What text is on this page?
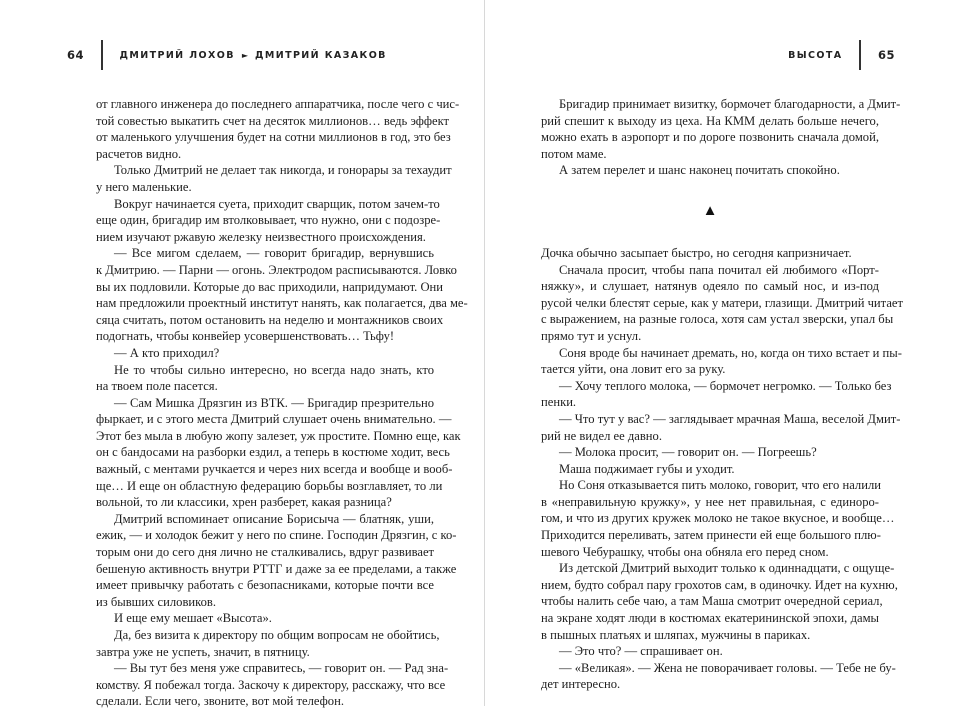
64	ДМИТРИЙ ЛОХОВ ► ДМИТРИЙ КАЗАКОВ	ВЫСОТА	65
от главного инженера до последнего аппаратчика, после чего с чис-
той совестью выкатить счет на десяток миллионов… ведь эффект
от маленького улучшения будет на сотни миллионов в год, это без
расчетов видно.
Только Дмитрий не делает так никогда, и гонорары за техаудит
у него маленькие.
Вокруг начинается суета, приходит сварщик, потом зачем-то
еще один, бригадир им втолковывает, что нужно, они с подозре-
нием изучают ржавую железку неизвестного происхождения.
— Все мигом сделаем, — говорит бригадир, вернувшись
к Дмитрию. — Парни — огонь. Электродом расписываются. Ловко
вы их подловили. Которые до вас приходили, напридумают. Они
нам предложили проектный институт нанять, как полагается, два ме-
сяца считать, потом остановить на неделю и монтажников своих
подогнать, чтобы конвейер усовершенствовать… Тьфу!
— А кто приходил?
Не то чтобы сильно интересно, но всегда надо знать, кто
на твоем поле пасется.
— Сам Мишка Дрязгин из ВТК. — Бригадир презрительно
фыркает, и с этого места Дмитрий слушает очень внимательно. —
Этот без мыла в любую жопу залезет, уж простите. Помню еще, как
он с бандосами на разборки ездил, а теперь в костюме ходит, весь
важный, с ментами ручкается и через них всегда и вообще и вооб-
ще… И еще он областную федерацию борьбы возглавляет, то ли
вольной, то ли классики, хрен разберет, какая разница?
Дмитрий вспоминает описание Борисыча — блатняк, уши,
ежик, — и холодок бежит у него по спине. Господин Дрязгин, с ко-
торым они до сего дня лично не сталкивались, вдруг развивает
бешеную активность внутри РТТГ и даже за ее пределами, а также
имеет привычку работать с безопасниками, которые почти все
из бывших силовиков.
И еще ему мешает «Высота».
Да, без визита к директору по общим вопросам не обойтись,
завтра уже не успеть, значит, в пятницу.
— Вы тут без меня уже справитесь, — говорит он. — Рад зна-
комству. Я побежал тогда. Заскочу к директору, расскажу, что все
сделали. Если чего, звоните, вот мой телефон.
Бригадир принимает визитку, бормочет благодарности, а Дмит-
рий спешит к выходу из цеха. На КММ делать больше нечего,
можно ехать в аэропорт и по дороге позвонить сначала домой,
потом маме.
А затем перелет и шанс наконец почитать спокойно.
▲
Дочка обычно засыпает быстро, но сегодня капризничает.
Сначала просит, чтобы папа почитал ей любимого «Порт-
няжку», и слушает, натянув одеяло по самый нос, и из-под
русой челки блестят серые, как у матери, глазищи. Дмитрий читает
с выражением, на разные голоса, хотя сам устал зверски, упал бы
прямо тут и уснул.
Соня вроде бы начинает дремать, но, когда он тихо встает и пы-
тается уйти, она ловит его за руку.
— Хочу теплого молока, — бормочет негромко. — Только без
пенки.
— Что тут у вас? — заглядывает мрачная Маша, веселой Дмит-
рий не видел ее давно.
— Молока просит, — говорит он. — Погреешь?
Маша поджимает губы и уходит.
Но Соня отказывается пить молоко, говорит, что его налили
в «неправильную кружку», у нее нет правильная, с единоро-
гом, и что из других кружек молоко не такое вкусное, и вообще…
Приходится переливать, затем принести ей еще большого плю-
шевого Чебурашку, чтобы она обняла его перед сном.
Из детской Дмитрий выходит только к одиннадцати, с ощуще-
нием, будто собрал пару грохотов сам, в одиночку. Идет на кухню,
чтобы налить себе чаю, а там Маша смотрит очередной сериал,
на экране ходят люди в костюмах екатерининской эпохи, дамы
в пышных платьях и шляпах, мужчины в париках.
— Это что? — спрашивает он.
— «Великая». — Жена не поворачивает головы. — Тебе не бу-
дет интересно.
